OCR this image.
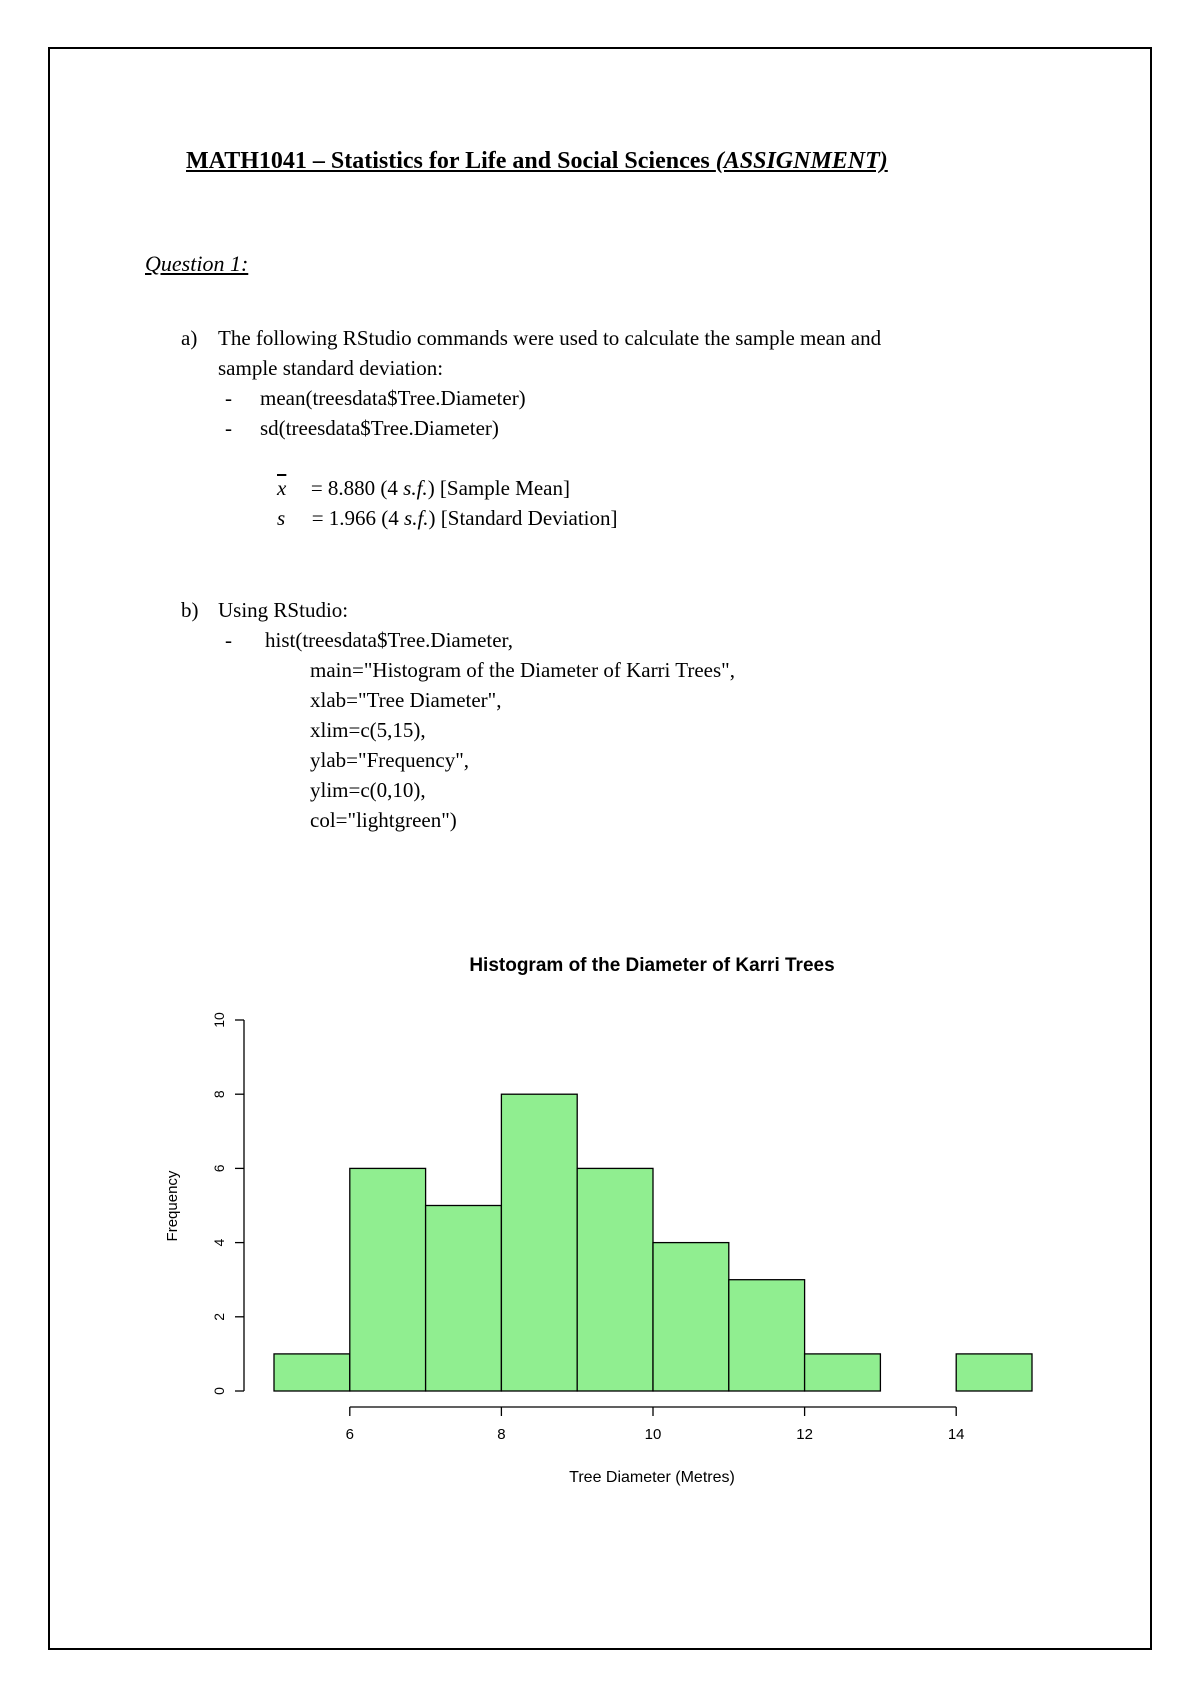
MATH1041 – Statistics for Life and Social Sciences (ASSIGNMENT)
Question 1:
a) The following RStudio commands were used to calculate the sample mean and
sample standard deviation:
- mean(treesdata$Tree.Diameter)
- sd(treesdata$Tree.Diameter)
$\overline{x} = 8.880$ (4 s.f.) [Sample Mean]
s = 1.966 (4 s.f.) [Standard Deviation]
b) Using RStudio:
- hist(treesdata$Tree.Diameter,
main="Histogram of the Diameter of Karri Trees",
xlab="Tree Diameter",
xlim=c(5,15),
ylab="Frequency",
ylim=c(0,10),
col="lightgreen")
Histogram of the Diameter of Karri Trees
Tree Diameter (Metres)
Frequency
6	8	10	12	14
0
2
4
6
8
10
